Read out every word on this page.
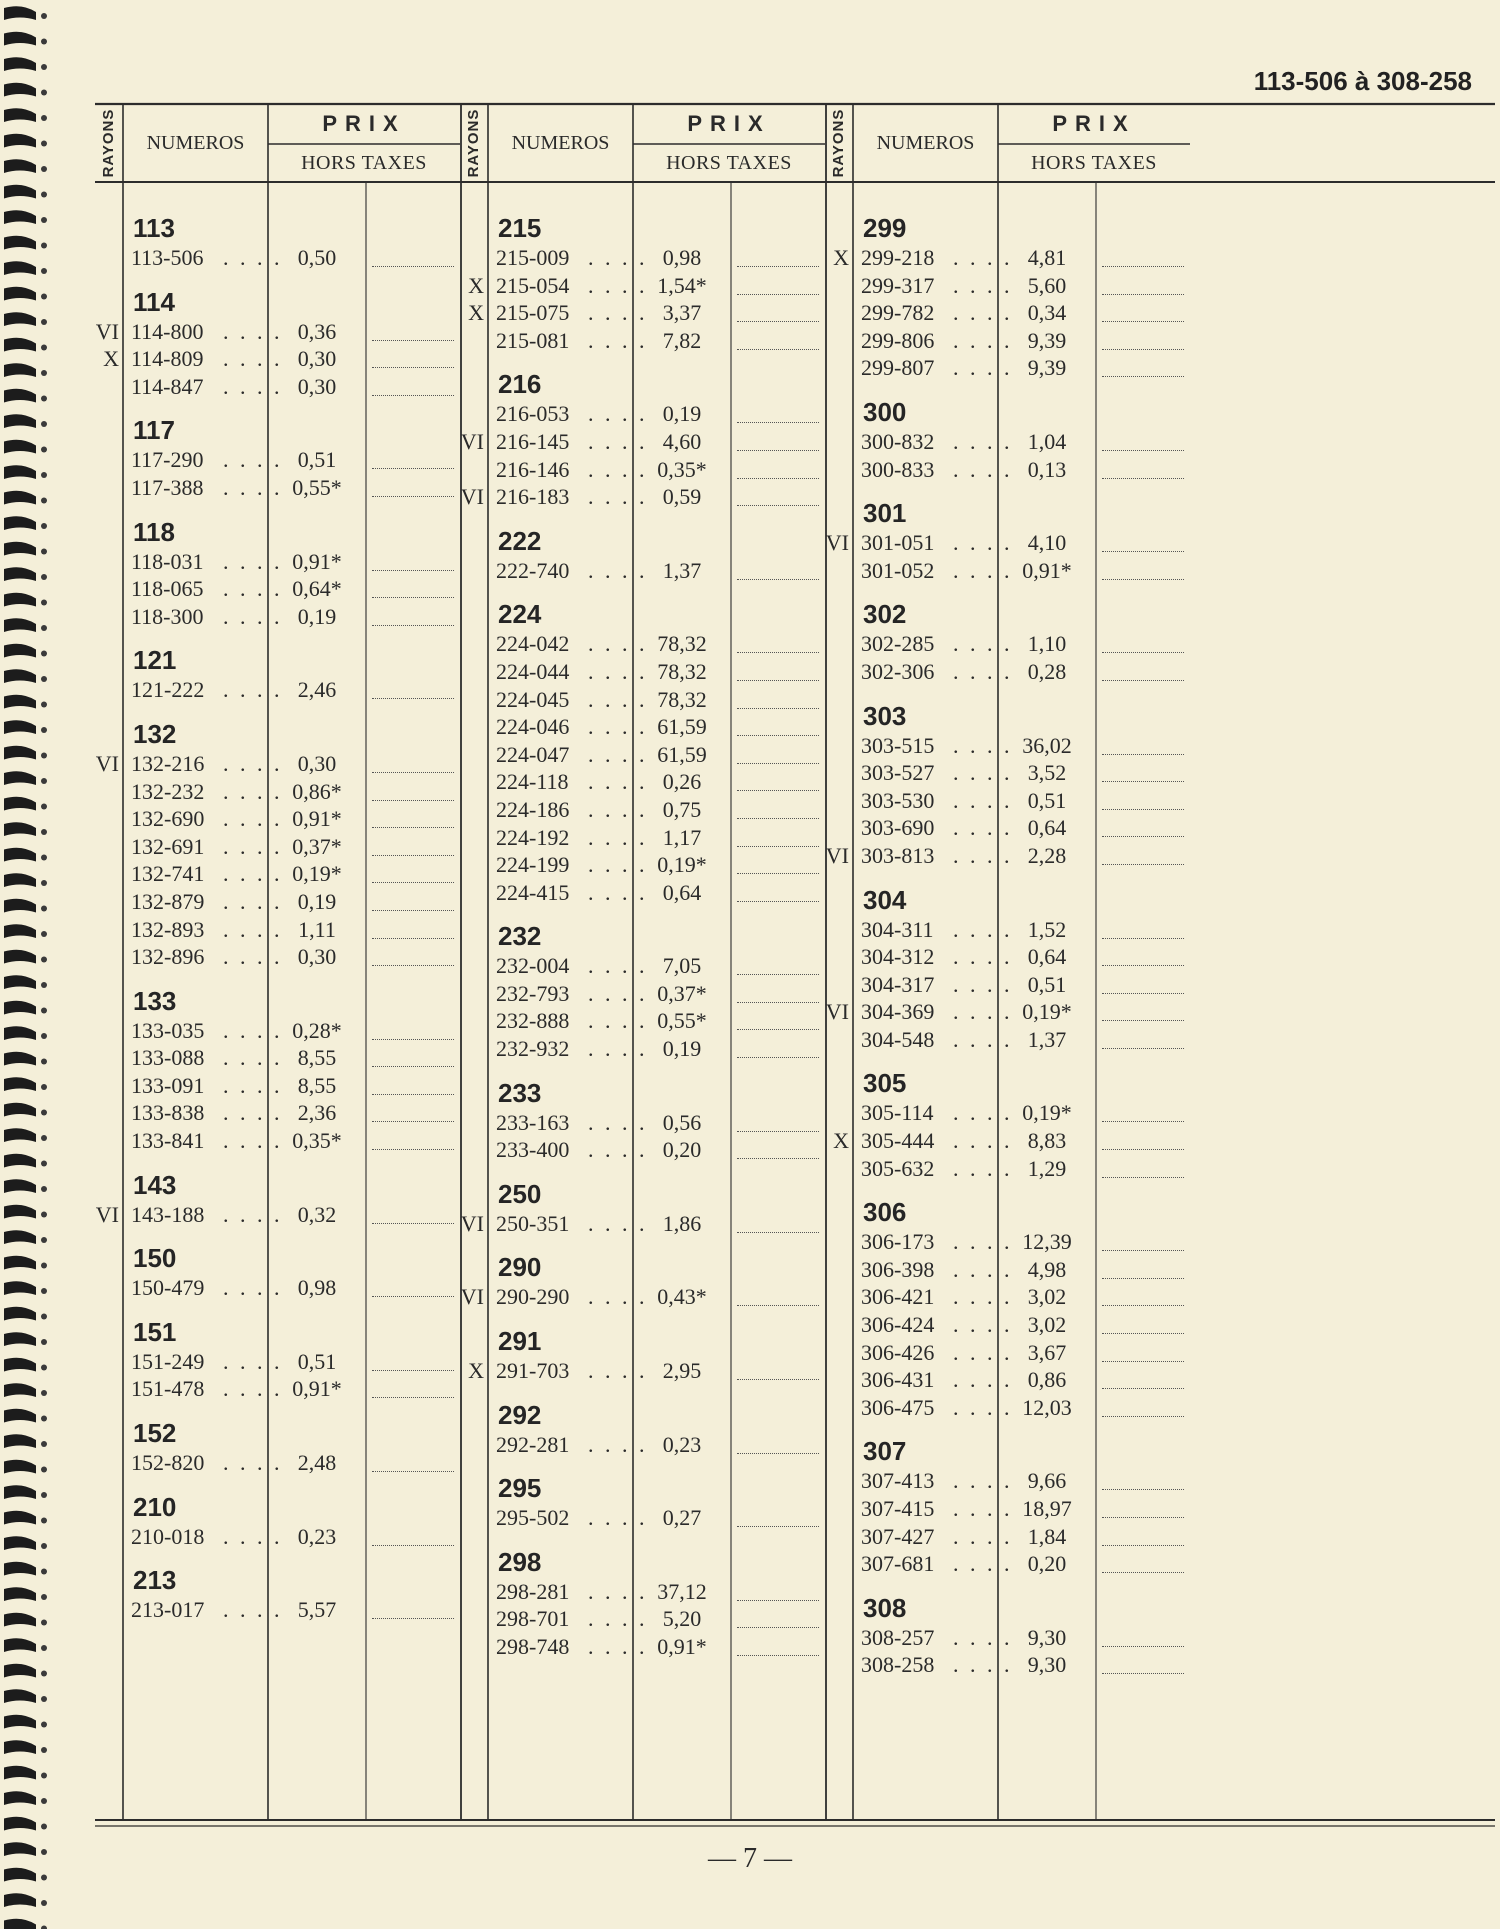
113-506 à 308-258
RAYONS	NUMEROS
PRIX
HORS TAXES
113
113-506 . . . . 0,50
114
VI 114-800 . . . . 0,36
X 114-809 . . . . 0,30
114-847 . . . . 0,30
117
117-290 . . . . 0,51
117-388 . . . . 0,55*
118
118-031 . . . . 0,91*
118-065 . . . . 0,64*
118-300 . . . . 0,19
121
121-222 . . . . 2,46
132
VI 132-216 . . . . 0,30
132-232 . . . . 0,86*
132-690 . . . . 0,91*
132-691 . . . . 0,37*
132-741 . . . . 0,19*
132-879 . . . . 0,19
132-893 . . . . 1,11
132-896 . . . . 0,30
133
133-035 . . . . 0,28*
133-088 . . . . 8,55
133-091 . . . . 8,55
133-838 . . . . 2,36
133-841 . . . . 0,35*
143
VI 143-188 . . . . 0,32
150
150-479 . . . . 0,98
151
151-249 . . . . 0,51
151-478 . . . . 0,91*
152
152-820 . . . . 2,48
210
210-018 . . . . 0,23
213
213-017 . . . . 5,57
RAYONS	NUMEROS
PRIX
HORS TAXES
215
215-009 . . . . 0,98
X 215-054 . . . . 1,54*
X 215-075 . . . . 3,37
215-081 . . . . 7,82
216
216-053 . . . . 0,19
VI 216-145 . . . . 4,60
216-146 . . . . 0,35*
VI 216-183 . . . . 0,59
222
222-740 . . . . 1,37
224
224-042 . . . . 78,32
224-044 . . . . 78,32
224-045 . . . . 78,32
224-046 . . . . 61,59
224-047 . . . . 61,59
224-118 . . . . 0,26
224-186 . . . . 0,75
224-192 . . . . 1,17
224-199 . . . . 0,19*
224-415 . . . . 0,64
232
232-004 . . . . 7,05
232-793 . . . . 0,37*
232-888 . . . . 0,55*
232-932 . . . . 0,19
233
233-163 . . . . 0,56
233-400 . . . . 0,20
250
VI 250-351 . . . . 1,86
290
VI 290-290 . . . . 0,43*
291
X 291-703 . . . . 2,95
292
292-281 . . . . 0,23
295
295-502 . . . . 0,27
298
298-281 . . . . 37,12
298-701 . . . . 5,20
298-748 . . . . 0,91*
RAYONS	NUMEROS
PRIX
HORS TAXES
299
X 299-218 . . . . 4,81
299-317 . . . . 5,60
299-782 . . . . 0,34
299-806 . . . . 9,39
299-807 . . . . 9,39
300
300-832 . . . . 1,04
300-833 . . . . 0,13
301
VI 301-051 . . . . 4,10
301-052 . . . . 0,91*
302
302-285 . . . . 1,10
302-306 . . . . 0,28
303
303-515 . . . . 36,02
303-527 . . . . 3,52
303-530 . . . . 0,51
303-690 . . . . 0,64
VI 303-813 . . . . 2,28
304
304-311 . . . . 1,52
304-312 . . . . 0,64
304-317 . . . . 0,51
VI 304-369 . . . . 0,19*
304-548 . . . . 1,37
305
305-114 . . . . 0,19*
X 305-444 . . . . 8,83
305-632 . . . . 1,29
306
306-173 . . . . 12,39
306-398 . . . . 4,98
306-421 . . . . 3,02
306-424 . . . . 3,02
306-426 . . . . 3,67
306-431 . . . . 0,86
306-475 . . . . 12,03
307
307-413 . . . . 9,66
307-415 . . . . 18,97
307-427 . . . . 1,84
307-681 . . . . 0,20
308
308-257 . . . . 9,30
308-258 . . . . 9,30
— 7 —
